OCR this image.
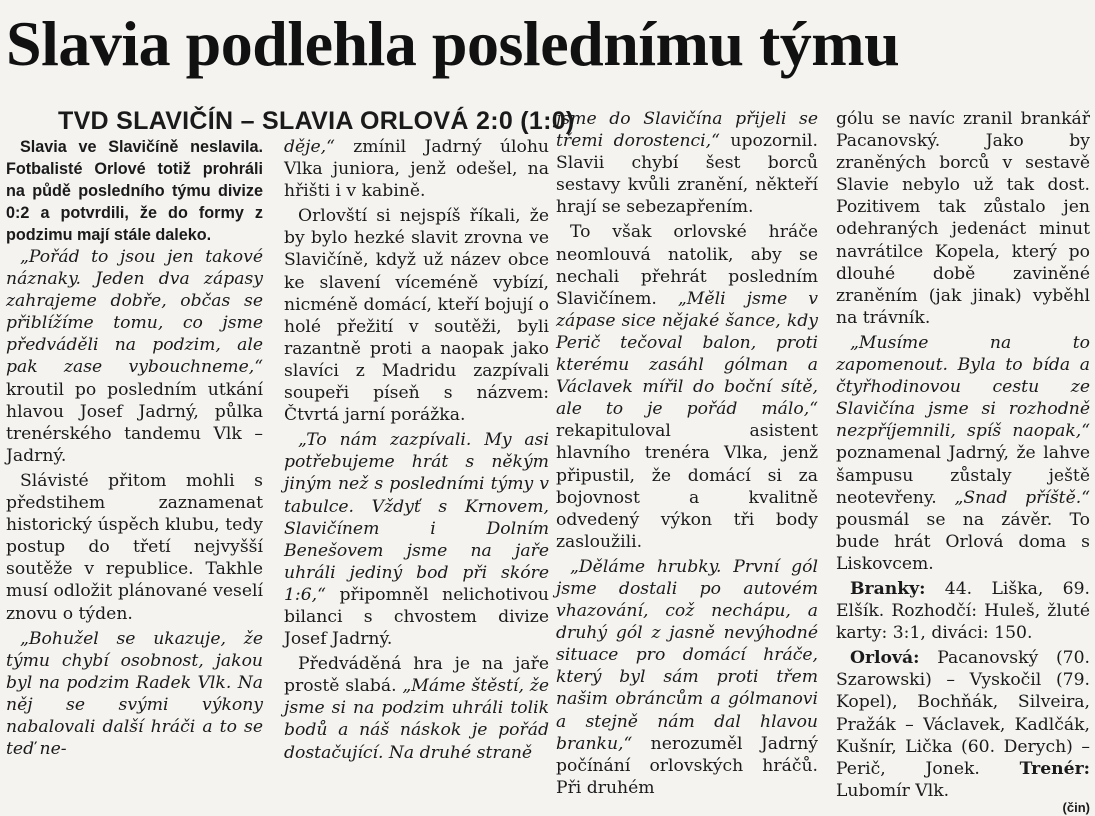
Slavia podlehla poslednímu týmu
TVD SLAVIČÍN – SLAVIA ORLOVÁ 2:0 (1:0)

Slavia ve Slavičíně neslavila. Fotbalisté Orlové totiž prohráli na půdě posledního týmu divize 0:2 a potvrdili, že do formy z podzimu mají stále daleko.

„Pořád to jsou jen takové náznaky. Jeden dva zápasy zahrajeme dobře, občas se přiblížíme tomu, co jsme předváděli na podzim, ale pak zase vybouchneme,“ kroutil po posledním utkání hlavou Josef Jadrný, půlka trenérského tandemu Vlk – Jadrný.

Slávisté přitom mohli s předstihem zaznamenat historický úspěch klubu, tedy postup do třetí nejvyšší soutěže v republice. Takhle musí odložit plánované veselí znovu o týden.

„Bohužel se ukazuje, že týmu chybí osobnost, jakou byl na podzim Radek Vlk. Na něj se svými výkony nabalovali další hráči a to se teď ne-

děje,“ zmínil Jadrný úlohu Vlka juniora, jenž odešel, na hřišti i v kabině.

Orlovští si nejspíš říkali, že by bylo hezké slavit zrovna ve Slavičíně, když už název obce ke slavení víceméně vybízí, nicméně domácí, kteří bojují o holé přežití v soutěži, byli razantně proti a naopak jako slavíci z Madridu zazpívali soupeři píseň s názvem: Čtvrtá jarní porážka.

„To nám zazpívali. My asi potřebujeme hrát s někým jiným než s posledními týmy v tabulce. Vždyť s Krnovem, Slavičínem i Dolním Benešovem jsme na jaře uhráli jediný bod při skóre 1:6,“ připomněl nelichotivou bilanci s chvostem divize Josef Jadrný.

Předváděná hra je na jaře prostě slabá. „Máme štěstí, že jsme si na podzim uhráli tolik bodů a náš náskok je pořád dostačující. Na druhé straně

jsme do Slavičína přijeli se třemi dorostenci,“ upozornil. Slavii chybí šest borců sestavy kvůli zranění, někteří hrají se sebezapřením.

To však orlovské hráče neomlouvá natolik, aby se nechali přehrát posledním Slavičínem. „Měli jsme v zápase sice nějaké šance, kdy Perič tečoval balon, proti kterému zasáhl gólman a Václavek mířil do boční sítě, ale to je pořád málo,“ rekapituloval asistent hlavního trenéra Vlka, jenž připustil, že domácí si za bojovnost a kvalitně odvedený výkon tři body zasloužili.

„Děláme hrubky. První gól jsme dostali po autovém vhazování, což nechápu, a druhý gól z jasně nevýhodné situace pro domácí hráče, který byl sám proti třem našim obráncům a gólmanovi a stejně nám dal hlavou branku,“ nerozuměl Jadrný počínání orlovských hráčů. Při druhém

gólu se navíc zranil brankář Pacanovský. Jako by zraněných borců v sestavě Slavie nebylo už tak dost. Pozitivem tak zůstalo jen odehraných jedenáct minut navrátilce Kopela, který po dlouhé době zaviněné zraněním (jak jinak) vyběhl na trávník.

„Musíme na to zapomenout. Byla to bída a čtyřhodinovou cestu ze Slavičína jsme si rozhodně nezpříjemnili, spíš naopak,“ poznamenal Jadrný, že lahve šampusu zůstaly ještě neotevřeny. „Snad příště.“ pousmál se na závěr. To bude hrát Orlová doma s Liskovcem.

Branky: 44. Liška, 69. Elšík. Rozhodčí: Huleš, žluté karty: 3:1, diváci: 150.

Orlová: Pacanovský (70. Szarowski) – Vyskočil (79. Kopel), Bochňák, Silveira, Pražák – Václavek, Kadlčák, Kušnír, Lička (60. Derych) – Perič, Jonek. Trenér: Lubomír Vlk.

(čin)
